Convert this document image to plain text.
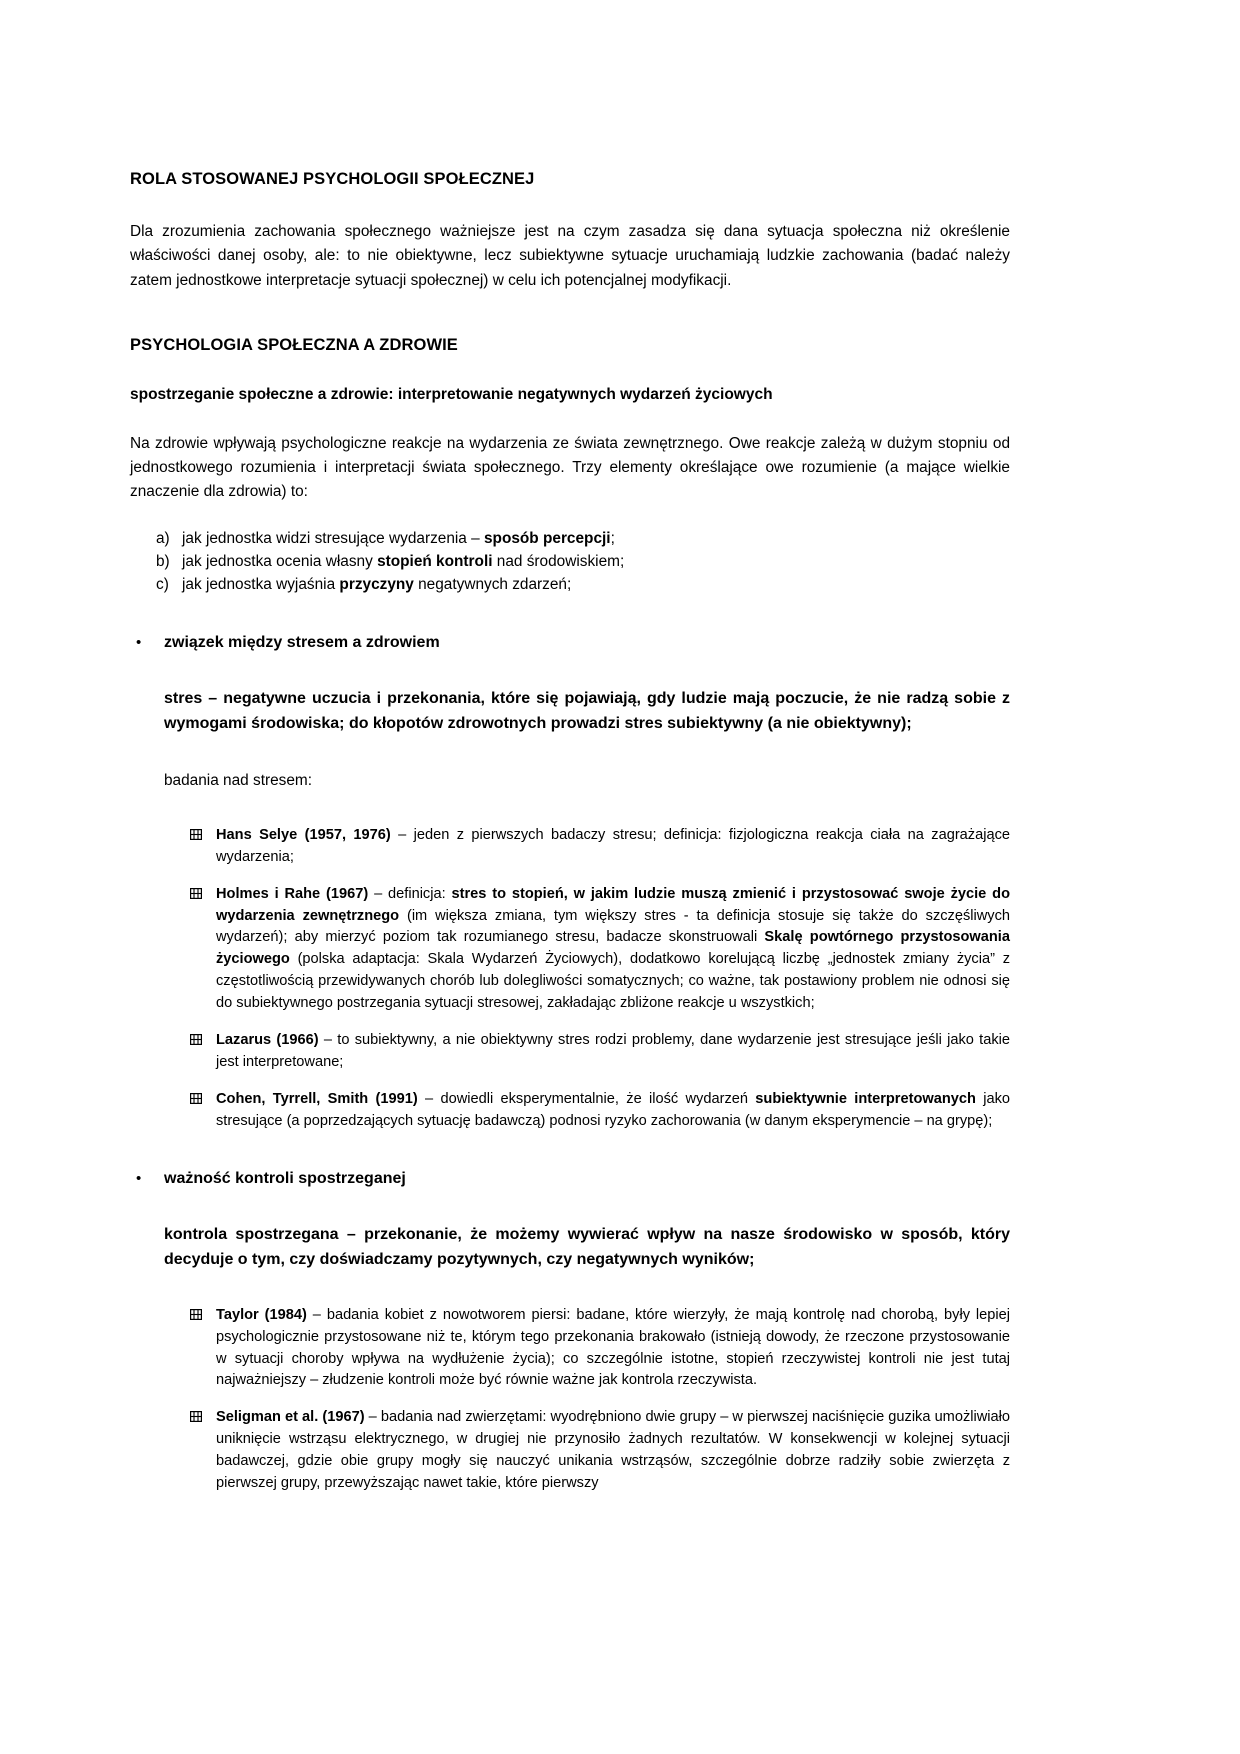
ROLA STOSOWANEJ PSYCHOLOGII SPOŁECZNEJ

Dla zrozumienia zachowania społecznego ważniejsze jest na czym zasadza się dana sytuacja społeczna niż określenie właściwości danej osoby, ale: to nie obiektywne, lecz subiektywne sytuacje uruchamiają ludzkie zachowania (badać należy zatem jednostkowe interpretacje sytuacji społecznej) w celu ich potencjalnej modyfikacji.

PSYCHOLOGIA SPOŁECZNA A ZDROWIE
spostrzeganie społeczne a zdrowie: interpretowanie negatywnych wydarzeń życiowych

Na zdrowie wpływają psychologiczne reakcje na wydarzenia ze świata zewnętrznego. Owe reakcje zależą w dużym stopniu od jednostkowego rozumienia i interpretacji świata społecznego. Trzy elementy określające owe rozumienie (a mające wielkie znaczenie dla zdrowia) to:

a) jak jednostka widzi stresujące wydarzenia – sposób percepcji;
b) jak jednostka ocenia własny stopień kontroli nad środowiskiem;
c) jak jednostka wyjaśnia przyczyny negatywnych zdarzeń;
•	związek między stresem a zdrowiem

stres – negatywne uczucia i przekonania, które się pojawiają, gdy ludzie mają poczucie, że nie radzą sobie z wymogami środowiska; do kłopotów zdrowotnych prowadzi stres subiektywny (a nie obiektywny);

badania nad stresem:

Hans Selye (1957, 1976) – jeden z pierwszych badaczy stresu; definicja: fizjologiczna reakcja ciała na zagrażające wydarzenia;
Holmes i Rahe (1967) – definicja: stres to stopień, w jakim ludzie muszą zmienić i przystosować swoje życie do wydarzenia zewnętrznego (im większa zmiana, tym większy stres - ta definicja stosuje się także do szczęśliwych wydarzeń); aby mierzyć poziom tak rozumianego stresu, badacze skonstruowali Skalę powtórnego przystosowania życiowego (polska adaptacja: Skala Wydarzeń Życiowych), dodatkowo korelującą liczbę „jednostek zmiany życia” z częstotliwością przewidywanych chorób lub dolegliwości somatycznych; co ważne, tak postawiony problem nie odnosi się do subiektywnego postrzegania sytuacji stresowej, zakładając zbliżone reakcje u wszystkich;
Lazarus (1966) – to subiektywny, a nie obiektywny stres rodzi problemy, dane wydarzenie jest stresujące jeśli jako takie jest interpretowane;
Cohen, Tyrrell, Smith (1991) – dowiedli eksperymentalnie, że ilość wydarzeń subiektywnie interpretowanych jako stresujące (a poprzedzających sytuację badawczą) podnosi ryzyko zachorowania (w danym eksperymencie – na grypę);
•	ważność kontroli spostrzeganej

kontrola spostrzegana – przekonanie, że możemy wywierać wpływ na nasze środowisko w sposób, który decyduje o tym, czy doświadczamy pozytywnych, czy negatywnych wyników;

Taylor (1984) – badania kobiet z nowotworem piersi: badane, które wierzyły, że mają kontrolę nad chorobą, były lepiej psychologicznie przystosowane niż te, którym tego przekonania brakowało (istnieją dowody, że rzeczone przystosowanie w sytuacji choroby wpływa na wydłużenie życia); co szczególnie istotne, stopień rzeczywistej kontroli nie jest tutaj najważniejszy – złudzenie kontroli może być równie ważne jak kontrola rzeczywista.
Seligman et al. (1967) – badania nad zwierzętami: wyodrębniono dwie grupy – w pierwszej naciśnięcie guzika umożliwiało uniknięcie wstrząsu elektrycznego, w drugiej nie przynosiło żadnych rezultatów. W konsekwencji w kolejnej sytuacji badawczej, gdzie obie grupy mogły się nauczyć unikania wstrząsów, szczególnie dobrze radziły sobie zwierzęta z pierwszej grupy, przewyższając nawet takie, które pierwszy
